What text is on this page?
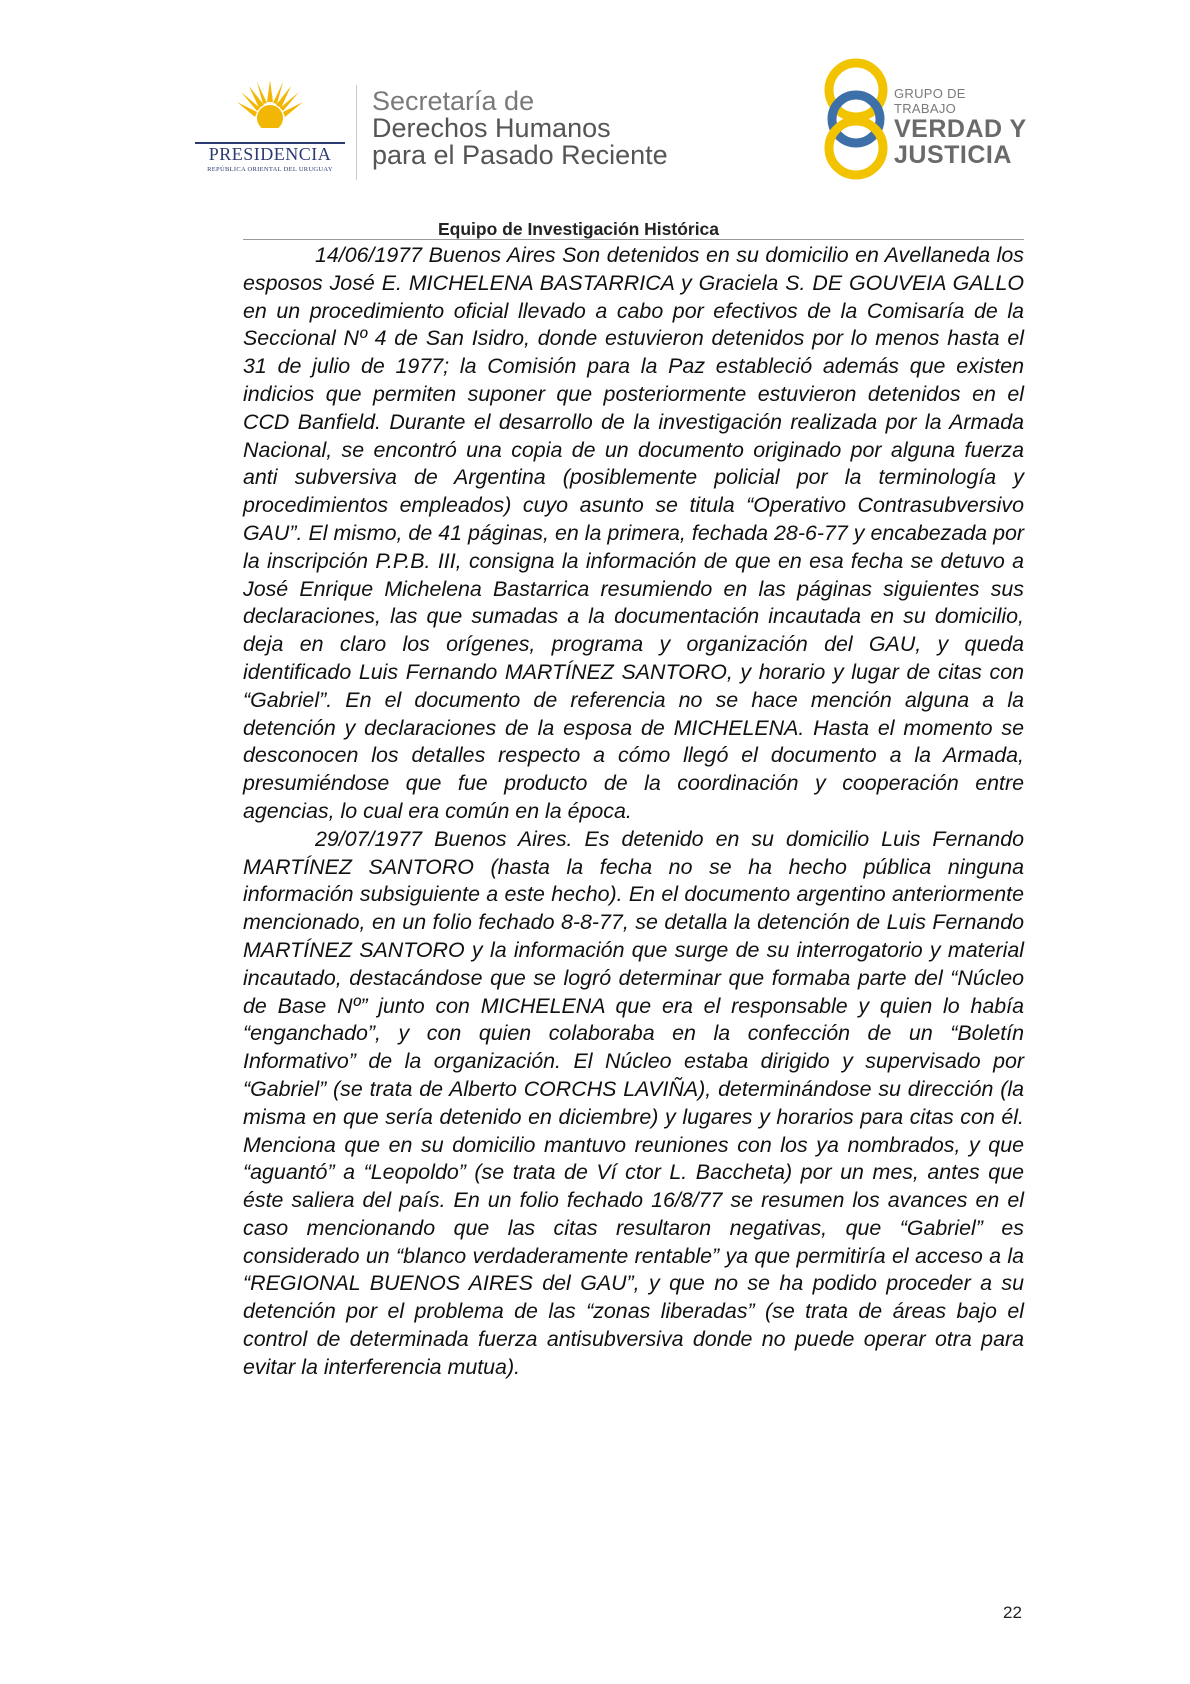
PRESIDENCIA
REPÚBLICA ORIENTAL DEL URUGUAY
Secretaría de
Derechos Humanos
para el Pasado Reciente
GRUPO DE TRABAJO
VERDAD Y
JUSTICIA
Equipo de Investigación Histórica

14/06/1977 Buenos Aires Son detenidos en su domicilio en Avellaneda los esposos José E. MICHELENA BASTARRICA y Graciela S. DE GOUVEIA GALLO en un procedimiento oficial llevado a cabo por efectivos de la Comisaría de la Seccional Nº 4 de San Isidro, donde estuvieron detenidos por lo menos hasta el 31 de julio de 1977; la Comisión para la Paz estableció además que existen indicios que permiten suponer que posteriormente estuvieron detenidos en el CCD Banfield. Durante el desarrollo de la investigación realizada por la Armada Nacional, se encontró una copia de un documento originado por alguna fuerza anti subversiva de Argentina (posiblemente policial por la terminología y procedimientos empleados) cuyo asunto se titula “Operativo Contrasubversivo GAU”. El mismo, de 41 páginas, en la primera, fechada 28-6-77 y encabezada por la inscripción P.P.B. III, consigna la información de que en esa fecha se detuvo a José Enrique Michelena Bastarrica resumiendo en las páginas siguientes sus declaraciones, las que sumadas a la documentación incautada en su domicilio, deja en claro los orígenes, programa y organización del GAU, y queda identificado Luis Fernando MARTÍNEZ SANTORO, y horario y lugar de citas con “Gabriel”. En el documento de referencia no se hace mención alguna a la detención y declaraciones de la esposa de MICHELENA. Hasta el momento se desconocen los detalles respecto a cómo llegó el documento a la Armada, presumiéndose que fue producto de la coordinación y cooperación entre agencias, lo cual era común en la época.

29/07/1977 Buenos Aires. Es detenido en su domicilio Luis Fernando MARTÍNEZ SANTORO (hasta la fecha no se ha hecho pública ninguna información subsiguiente a este hecho). En el documento argentino anteriormente mencionado, en un folio fechado 8-8-77, se detalla la detención de Luis Fernando MARTÍNEZ SANTORO y la información que surge de su interrogatorio y material incautado, destacándose que se logró determinar que formaba parte del “Núcleo de Base Nº” junto con MICHELENA que era el responsable y quien lo había “enganchado”, y con quien colaboraba en la confección de un “Boletín Informativo” de la organización. El Núcleo estaba dirigido y supervisado por “Gabriel” (se trata de Alberto CORCHS LAVIÑA), determinándose su dirección (la misma en que sería detenido en diciembre) y lugares y horarios para citas con él. Menciona que en su domicilio mantuvo reuniones con los ya nombrados, y que “aguantó” a “Leopoldo” (se trata de Ví ctor L. Baccheta) por un mes, antes que éste saliera del país. En un folio fechado 16/8/77 se resumen los avances en el caso mencionando que las citas resultaron negativas, que “Gabriel” es considerado un “blanco verdaderamente rentable” ya que permitiría el acceso a la “REGIONAL BUENOS AIRES del GAU”, y que no se ha podido proceder a su detención por el problema de las “zonas liberadas” (se trata de áreas bajo el control de determinada fuerza antisubversiva donde no puede operar otra para evitar la interferencia mutua).

22
